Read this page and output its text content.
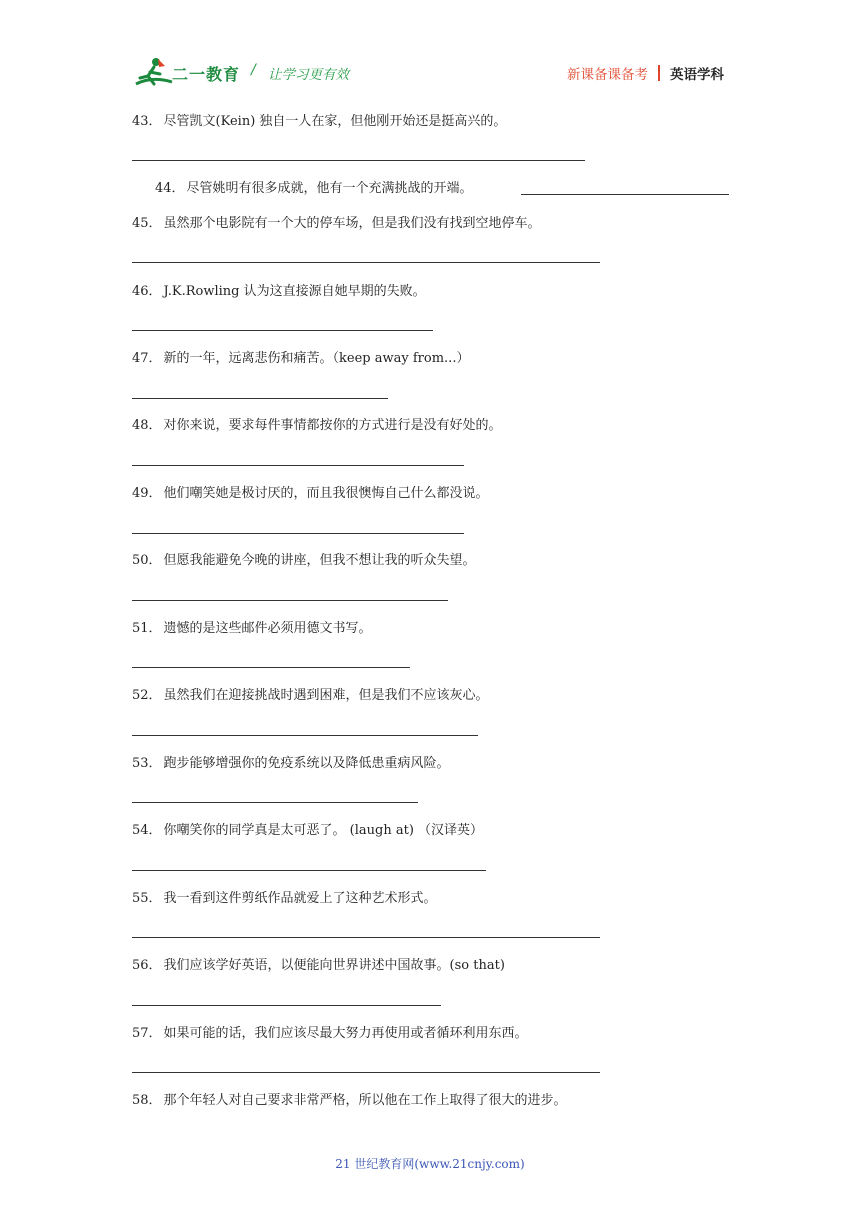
二一教育 / 让学习更有效	新课备课备考 英语学科
43． 尽管凯文(Kein) 独自一人在家，但他刚开始还是挺高兴的。
44． 尽管姚明有很多成就，他有一个充满挑战的开端。
45． 虽然那个电影院有一个大的停车场，但是我们没有找到空地停车。
46． J.K.Rowling 认为这直接源自她早期的失败。
47． 新的一年，远离悲伤和痛苦。（keep away from...）
48． 对你来说，要求每件事情都按你的方式进行是没有好处的。
49． 他们嘲笑她是极讨厌的，而且我很懊悔自己什么都没说。
50． 但愿我能避免今晚的讲座，但我不想让我的听众失望。
51． 遗憾的是这些邮件必须用德文书写。
52． 虽然我们在迎接挑战时遇到困难，但是我们不应该灰心。
53． 跑步能够增强你的免疫系统以及降低患重病风险。
54． 你嘲笑你的同学真是太可恶了。 (laugh at) （汉译英）
55． 我一看到这件剪纸作品就爱上了这种艺术形式。
56． 我们应该学好英语，以便能向世界讲述中国故事。(so that)
57． 如果可能的话，我们应该尽最大努力再使用或者循环利用东西。
58． 那个年轻人对自己要求非常严格，所以他在工作上取得了很大的进步。
21 世纪教育网(www.21cnjy.com)
